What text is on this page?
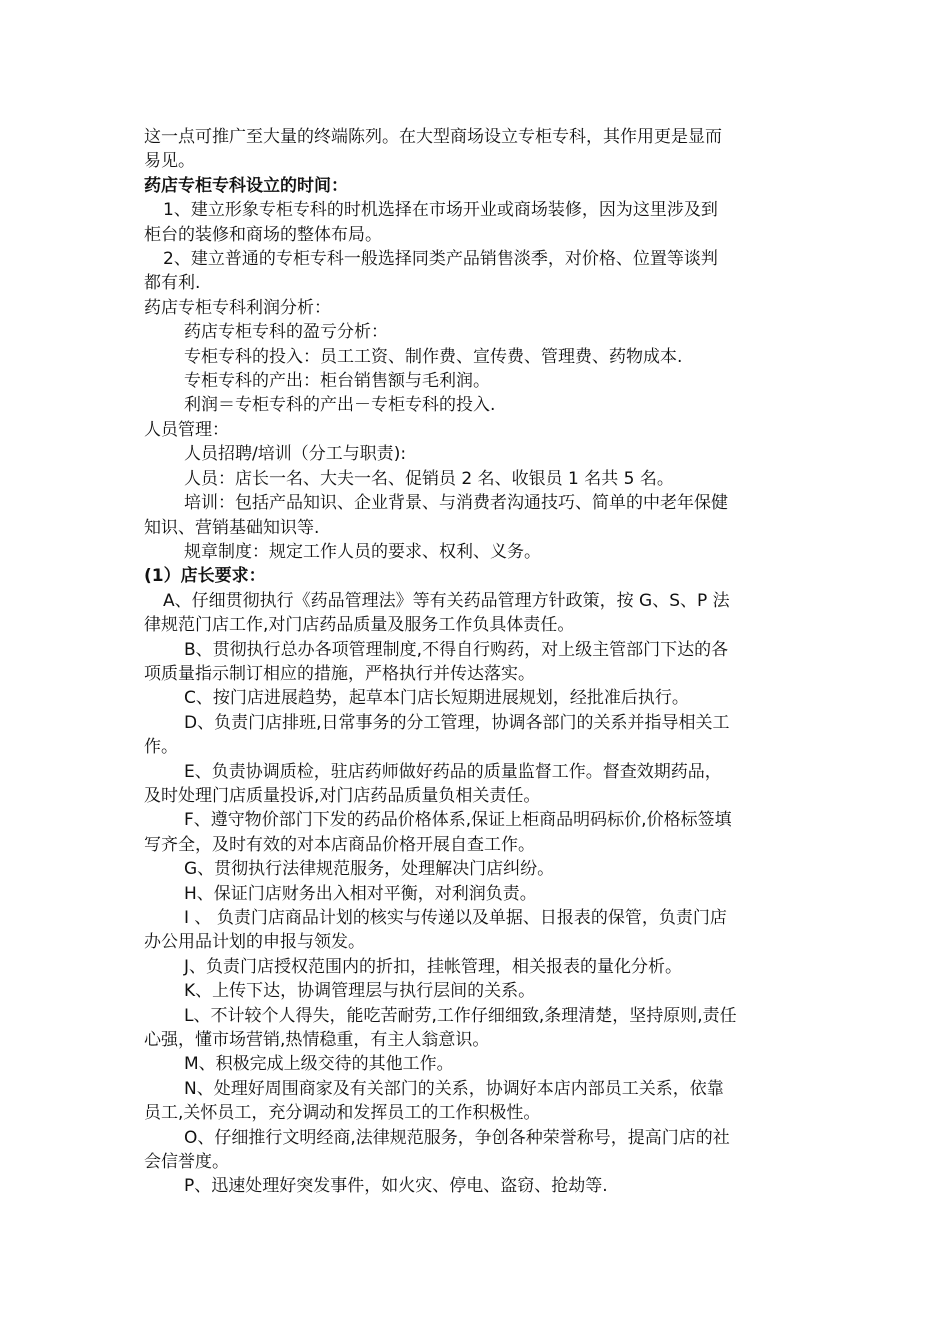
这一点可推广至大量的终端陈列。在大型商场设立专柜专科，其作用更是显而

易见。

药店专柜专科设立的时间：

1、建立形象专柜专科的时机选择在市场开业或商场装修，因为这里涉及到

柜台的装修和商场的整体布局。

2、建立普通的专柜专科一般选择同类产品销售淡季，对价格、位置等谈判

都有利.

药店专柜专科利润分析：

药店专柜专科的盈亏分析：

专柜专科的投入：员工工资、制作费、宣传费、管理费、药物成本.

专柜专科的产出：柜台销售额与毛利润。

利润＝专柜专科的产出－专柜专科的投入.

人员管理：

人员招聘/培训（分工与职责):

人员：店长一名、大夫一名、促销员 2 名、收银员 1 名共 5 名。

培训：包括产品知识、企业背景、与消费者沟通技巧、简单的中老年保健

知识、营销基础知识等.

规章制度：规定工作人员的要求、权利、义务。

(1）店长要求：

A、仔细贯彻执行《药品管理法》等有关药品管理方针政策，按 G、S、P 法

律规范门店工作,对门店药品质量及服务工作负具体责任。

B、贯彻执行总办各项管理制度,不得自行购药，对上级主管部门下达的各

项质量指示制订相应的措施，严格执行并传达落实。

C、按门店进展趋势，起草本门店长短期进展规划，经批准后执行。

D、负责门店排班,日常事务的分工管理，协调各部门的关系并指导相关工

作。

E、负责协调质检，驻店药师做好药品的质量监督工作。督查效期药品，

及时处理门店质量投诉,对门店药品质量负相关责任。

F、遵守物价部门下发的药品价格体系,保证上柜商品明码标价,价格标签填

写齐全，及时有效的对本店商品价格开展自查工作。

G、贯彻执行法律规范服务，处理解决门店纠纷。

H、保证门店财务出入相对平衡，对利润负责。

I 、 负责门店商品计划的核实与传递以及单据、日报表的保管，负责门店

办公用品计划的申报与领发。

J、负责门店授权范围内的折扣，挂帐管理，相关报表的量化分析。

K、上传下达，协调管理层与执行层间的关系。

L、不计较个人得失，能吃苦耐劳,工作仔细细致,条理清楚，坚持原则,责任

心强，懂市场营销,热情稳重，有主人翁意识。

M、积极完成上级交待的其他工作。

N、处理好周围商家及有关部门的关系，协调好本店内部员工关系，依靠

员工,关怀员工，充分调动和发挥员工的工作积极性。

O、仔细推行文明经商,法律规范服务，争创各种荣誉称号，提高门店的社

会信誉度。

P、迅速处理好突发事件，如火灾、停电、盗窃、抢劫等.
